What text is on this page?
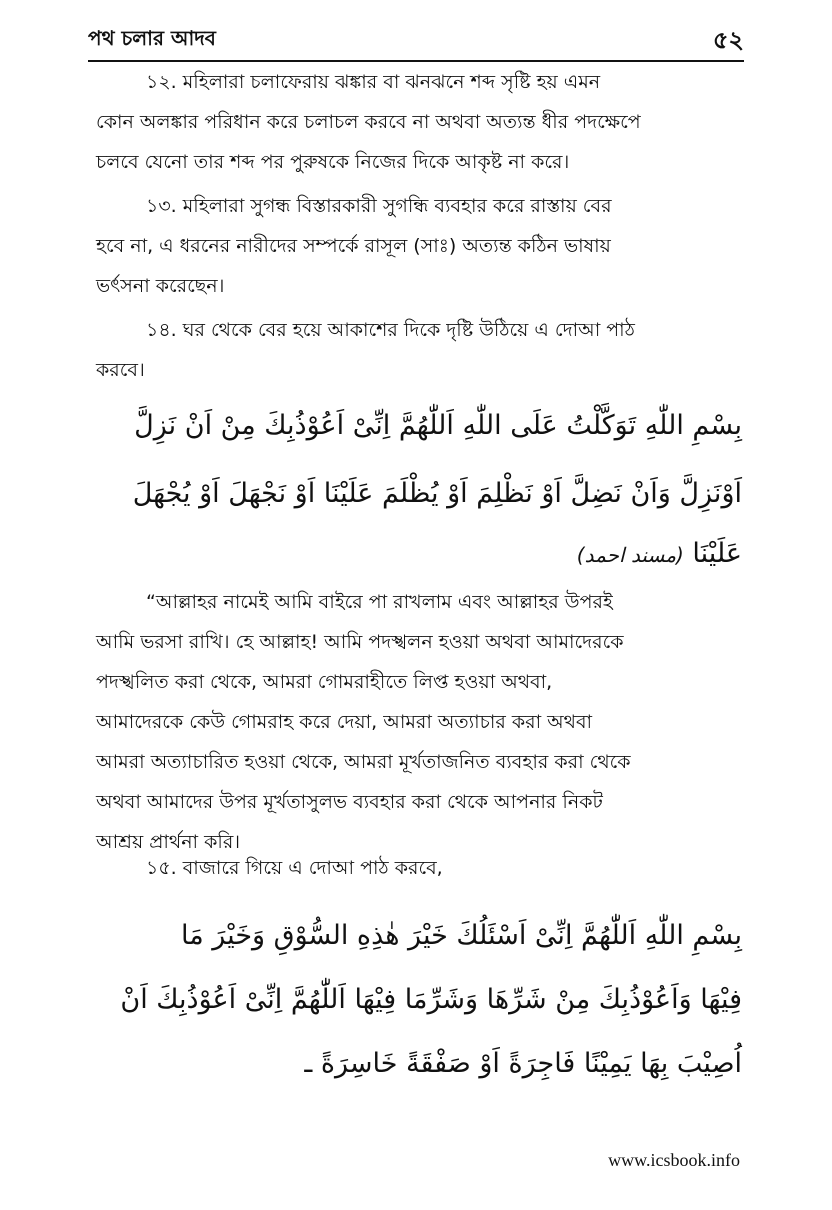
পথ চলার আদব	৫২
১২. মহিলারা চলাফেরায় ঝঙ্কার বা ঝনঝনে শব্দ সৃষ্টি হয় এমন
কোন অলঙ্কার পরিধান করে চলাচল করবে না অথবা অত্যন্ত ধীর পদক্ষেপে
চলবে যেনো তার শব্দ পর পুরুষকে নিজের দিকে আকৃষ্ট না করে।
১৩. মহিলারা সুগন্ধ বিস্তারকারী সুগন্ধি ব্যবহার করে রাস্তায় বের
হবে না, এ ধরনের নারীদের সম্পর্কে রাসূল (সাঃ) অত্যন্ত কঠিন ভাষায়
ভর্ৎসনা করেছেন।
১৪. ঘর থেকে বের হয়ে আকাশের দিকে দৃষ্টি উঠিয়ে এ দোআ পাঠ
করবে।
بِسْمِ اللّٰهِ تَوَكَّلْتُ عَلَى اللّٰهِ اَللّٰهُمَّ اِنِّىْ اَعُوْذُبِكَ مِنْ اَنْ نَزِلَّ
اَوْنَزِلَّ وَاَنْ نَضِلَّ اَوْ نَظْلِمَ اَوْ يُظْلَمَ عَلَيْنَا اَوْ نَجْهَلَ اَوْ يُجْهَلَ
عَلَيْنَا (مسند احمد)
“আল্লাহর নামেই আমি বাইরে পা রাখলাম এবং আল্লাহর উপরই
আমি ভরসা রাখি। হে আল্লাহ! আমি পদস্খলন হওয়া অথবা আমাদেরকে
পদস্খলিত করা থেকে, আমরা গোমরাহীতে লিপ্ত হওয়া অথবা,
আমাদেরকে কেউ গোমরাহ করে দেয়া, আমরা অত্যাচার করা অথবা
আমরা অত্যাচারিত হওয়া থেকে, আমরা মূর্খতাজনিত ব্যবহার করা থেকে
অথবা আমাদের উপর মূর্খতাসুলভ ব্যবহার করা থেকে আপনার নিকট
আশ্রয় প্রার্থনা করি।
১৫. বাজারে গিয়ে এ দোআ পাঠ করবে,
بِسْمِ اللّٰهِ اَللّٰهُمَّ اِنِّىْ اَسْئَلُكَ خَيْرَ هٰذِهِ السُّوْقِ وَخَيْرَ مَا
فِيْهَا وَاَعُوْذُبِكَ مِنْ شَرِّهَا وَشَرِّمَا فِيْهَا اَللّٰهُمَّ اِنِّىْ اَعُوْذُبِكَ اَنْ
اُصِيْبَ بِهَا يَمِيْنًا فَاجِرَةً اَوْ صَفْقَةً خَاسِرَةً ـ
www.icsbook.info
